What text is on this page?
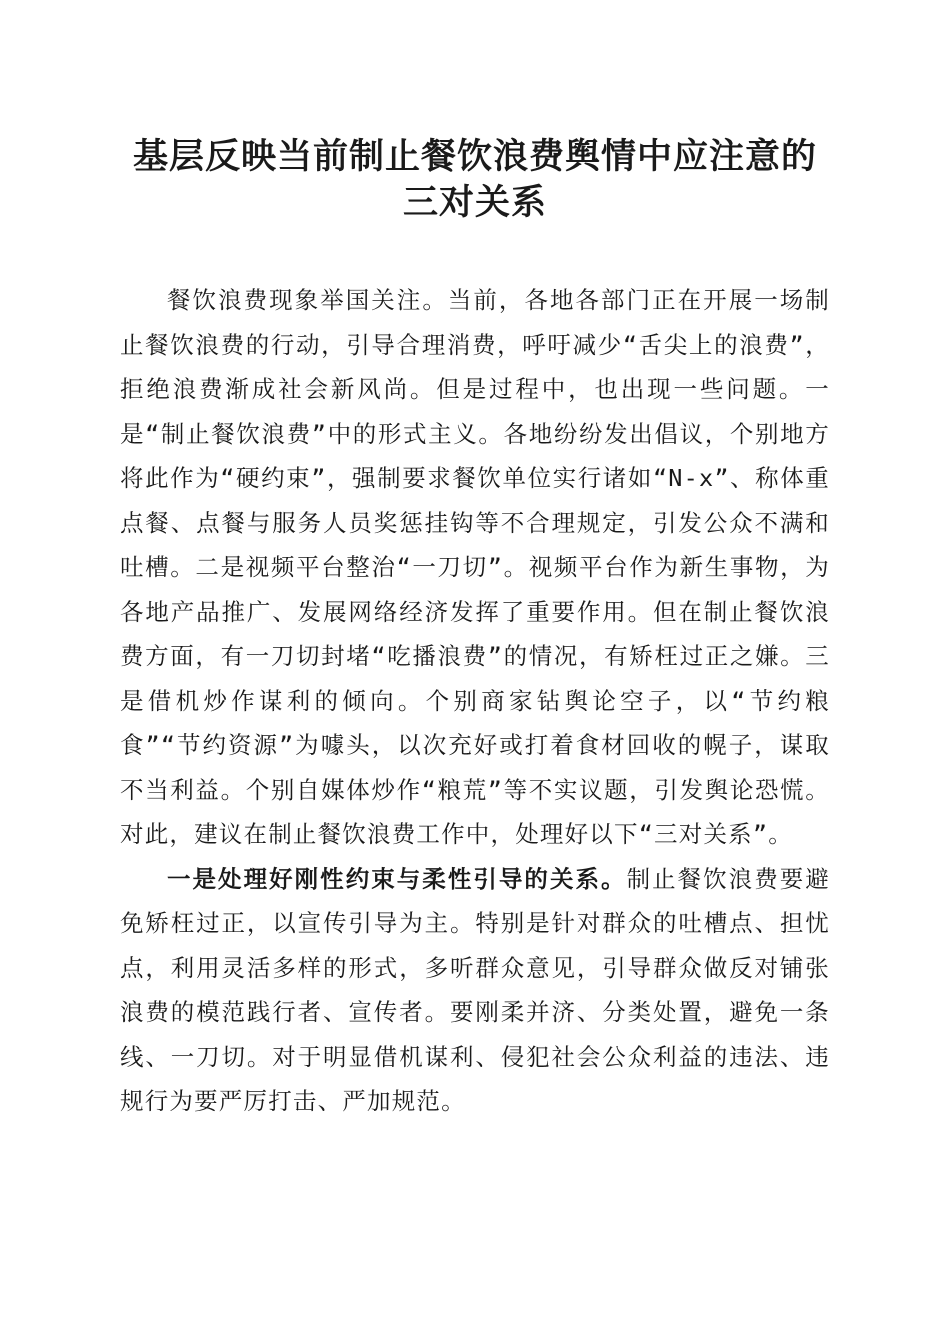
基层反映当前制止餐饮浪费舆情中应注意的三对关系

餐饮浪费现象举国关注。当前，各地各部门正在开展一场制止餐饮浪费的行动，引导合理消费，呼吁减少“舌尖上的浪费”，拒绝浪费渐成社会新风尚。但是过程中，也出现一些问题。一是“制止餐饮浪费”中的形式主义。各地纷纷发出倡议，个别地方将此作为“硬约束”，强制要求餐饮单位实行诸如“N-x”、称体重点餐、点餐与服务人员奖惩挂钩等不合理规定，引发公众不满和吐槽。二是视频平台整治“一刀切”。视频平台作为新生事物，为各地产品推广、发展网络经济发挥了重要作用。但在制止餐饮浪费方面，有一刀切封堵“吃播浪费”的情况，有矫枉过正之嫌。三是借机炒作谋利的倾向。个别商家钻舆论空子，以“节约粮食”“节约资源”为噱头，以次充好或打着食材回收的幌子，谋取不当利益。个别自媒体炒作“粮荒”等不实议题，引发舆论恐慌。对此，建议在制止餐饮浪费工作中，处理好以下“三对关系”。

一是处理好刚性约束与柔性引导的关系。制止餐饮浪费要避免矫枉过正，以宣传引导为主。特别是针对群众的吐槽点、担忧点，利用灵活多样的形式，多听群众意见，引导群众做反对铺张浪费的模范践行者、宣传者。要刚柔并济、分类处置，避免一条线、一刀切。对于明显借机谋利、侵犯社会公众利益的违法、违规行为要严厉打击、严加规范。
